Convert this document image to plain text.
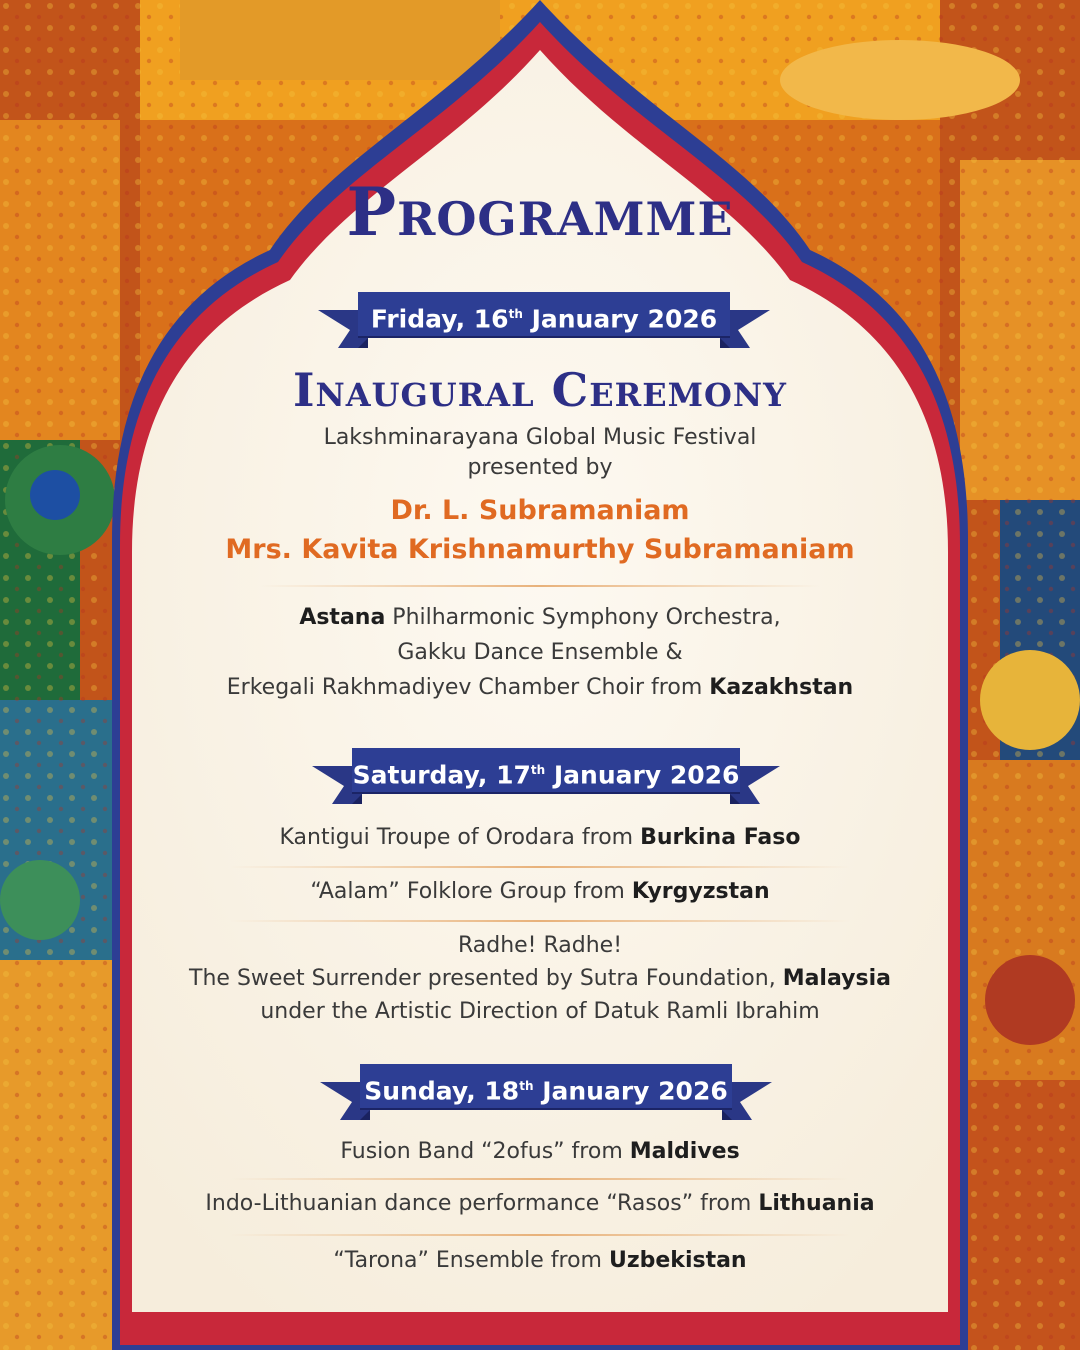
Programme
Friday, 16th January 2026
Inaugural Ceremony
Lakshminarayana Global Music Festival
presented by
Dr. L. Subramaniam
Mrs. Kavita Krishnamurthy Subramaniam
Astana Philharmonic Symphony Orchestra,
Gakku Dance Ensemble &
Erkegali Rakhmadiyev Chamber Choir from Kazakhstan
Saturday, 17th January 2026
Kantigui Troupe of Orodara from Burkina Faso
“Aalam” Folklore Group from Kyrgyzstan
Radhe! Radhe!
The Sweet Surrender presented by Sutra Foundation, Malaysia
under the Artistic Direction of Datuk Ramli Ibrahim
Sunday, 18th January 2026
Fusion Band “2ofus” from Maldives
Indo-Lithuanian dance performance “Rasos” from Lithuania
“Tarona” Ensemble from Uzbekistan
